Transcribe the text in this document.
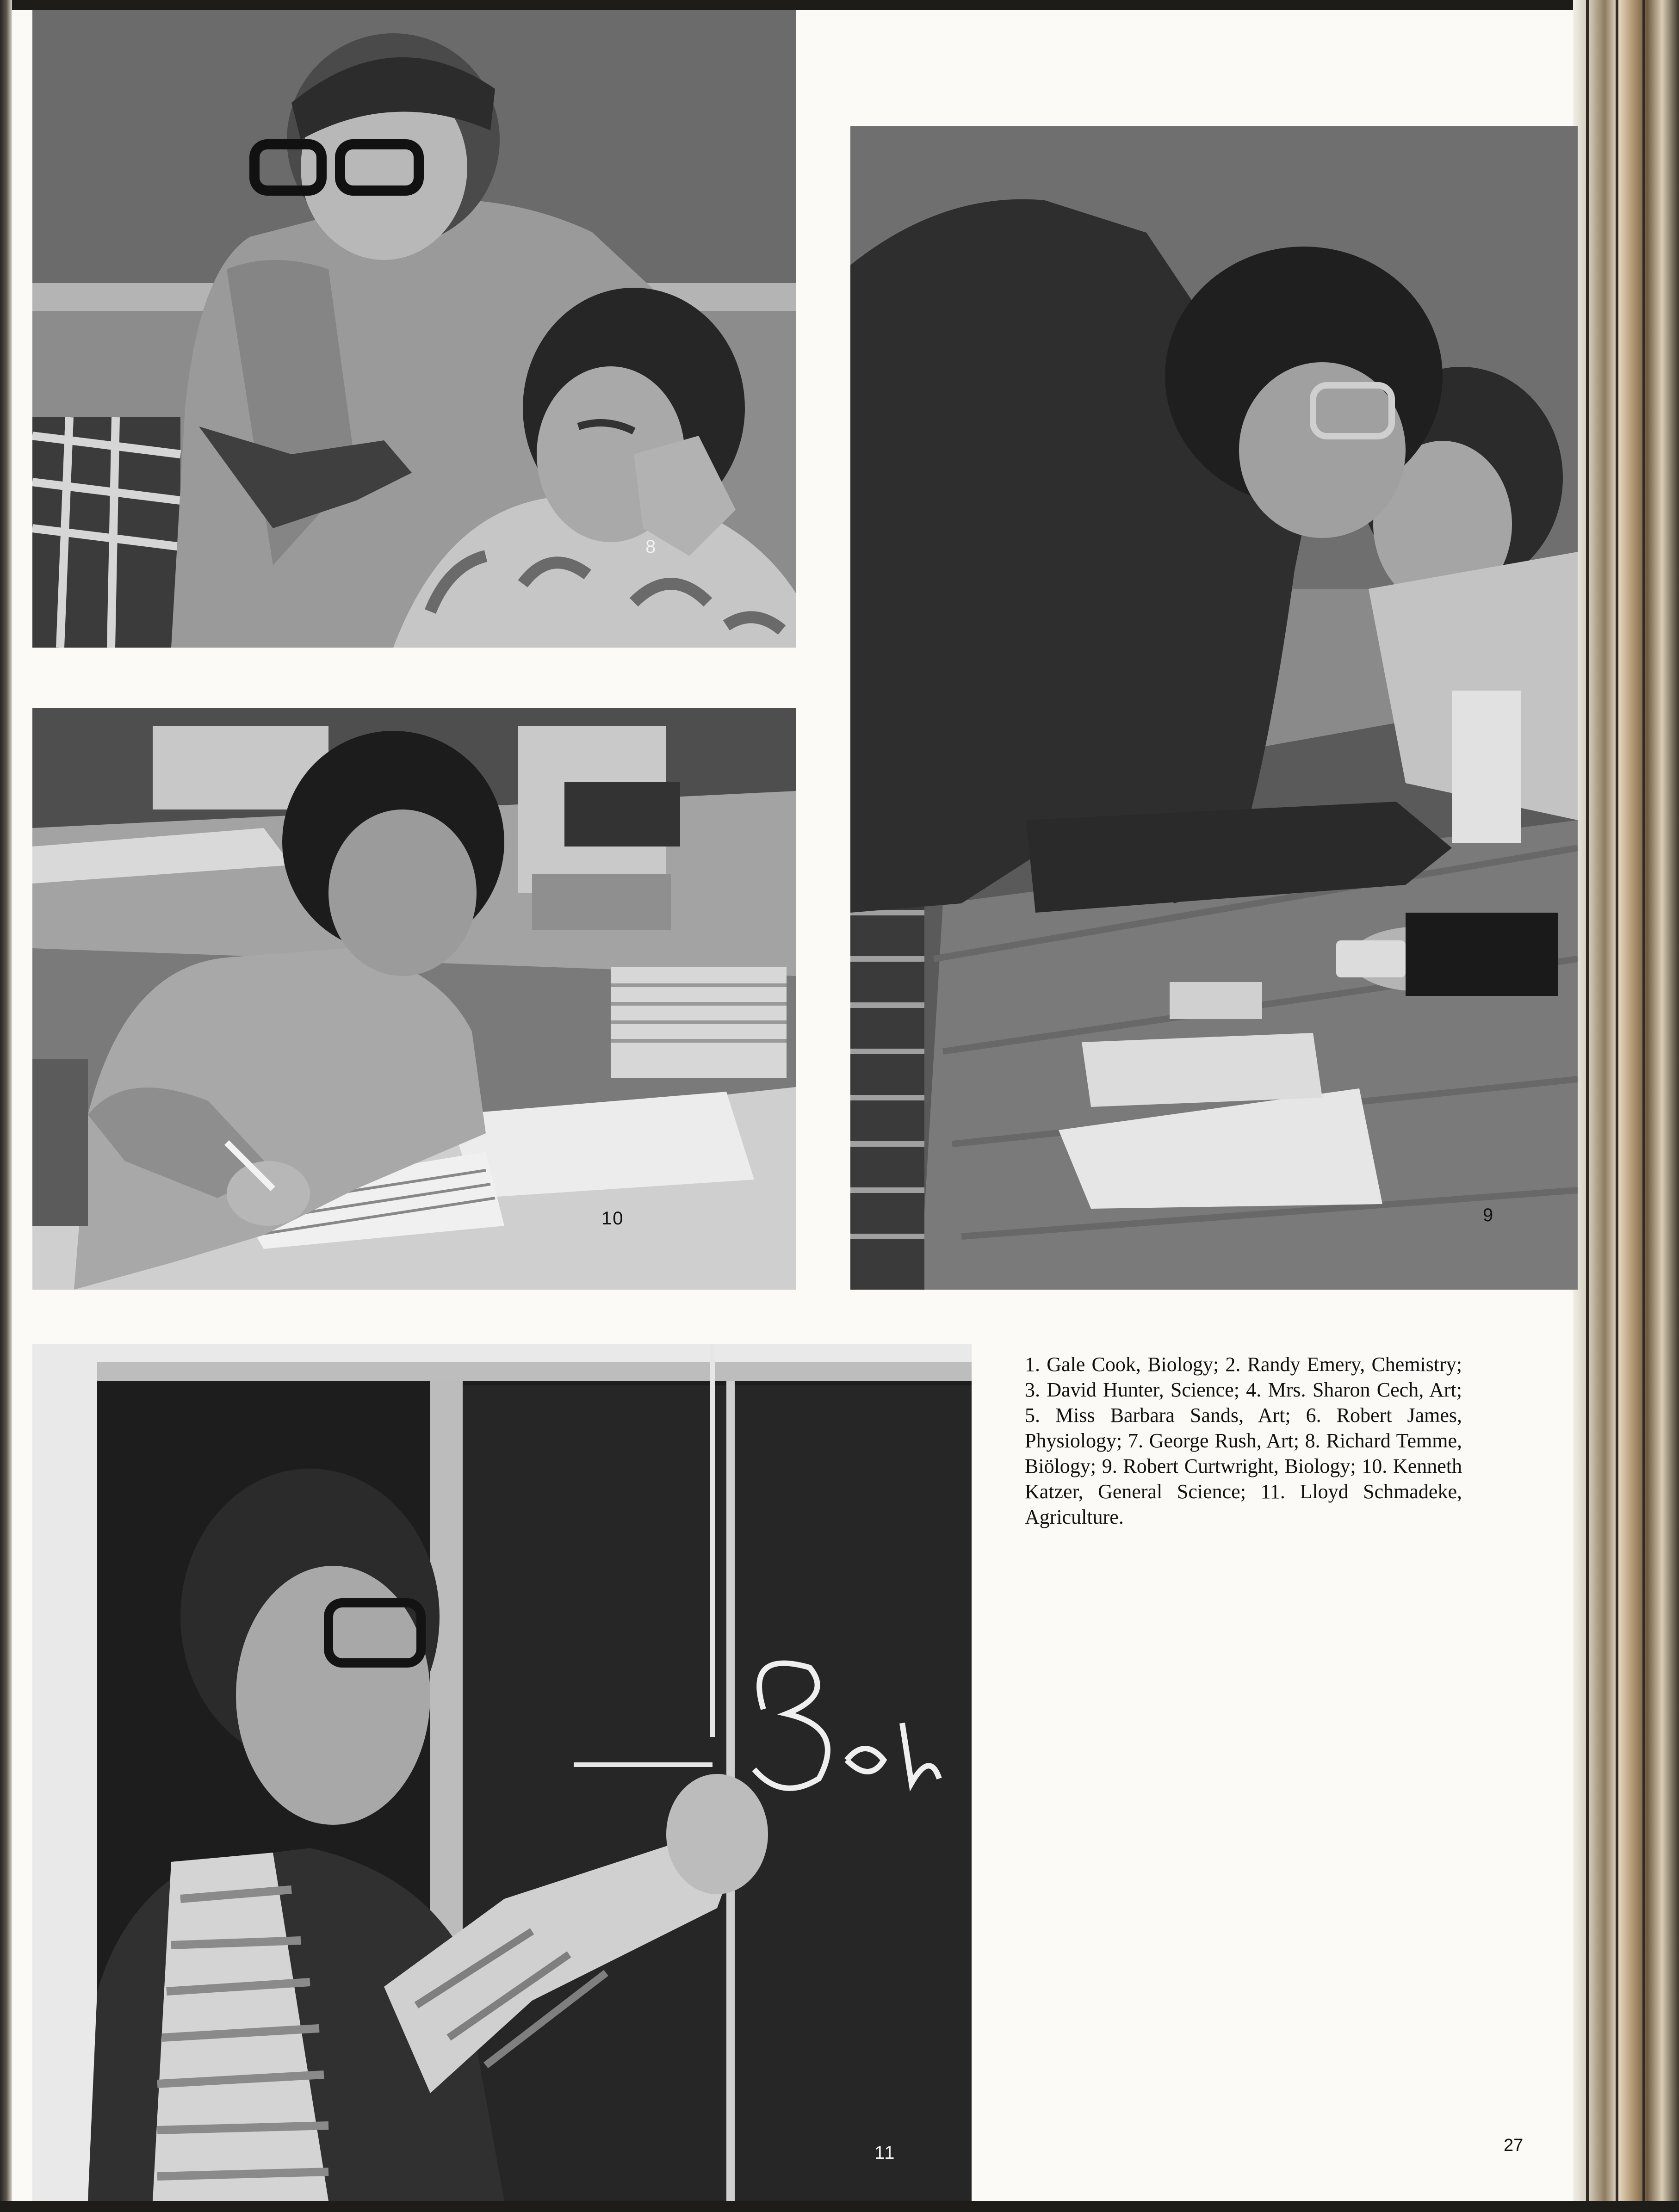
8
9
10
11

1. Gale Cook, Biology; 2. Randy Emery, Chemistry; 3. David Hunter, Science; 4. Mrs. Sharon Cech, Art; 5. Miss Barbara Sands, Art; 6. Robert James, Physiology; 7. George Rush, Art; 8. Richard Temme, Biölogy; 9. Robert Curtwright, Biology; 10. Kenneth Katzer, General Science; 11. Lloyd Schmadeke, Agriculture.

27
